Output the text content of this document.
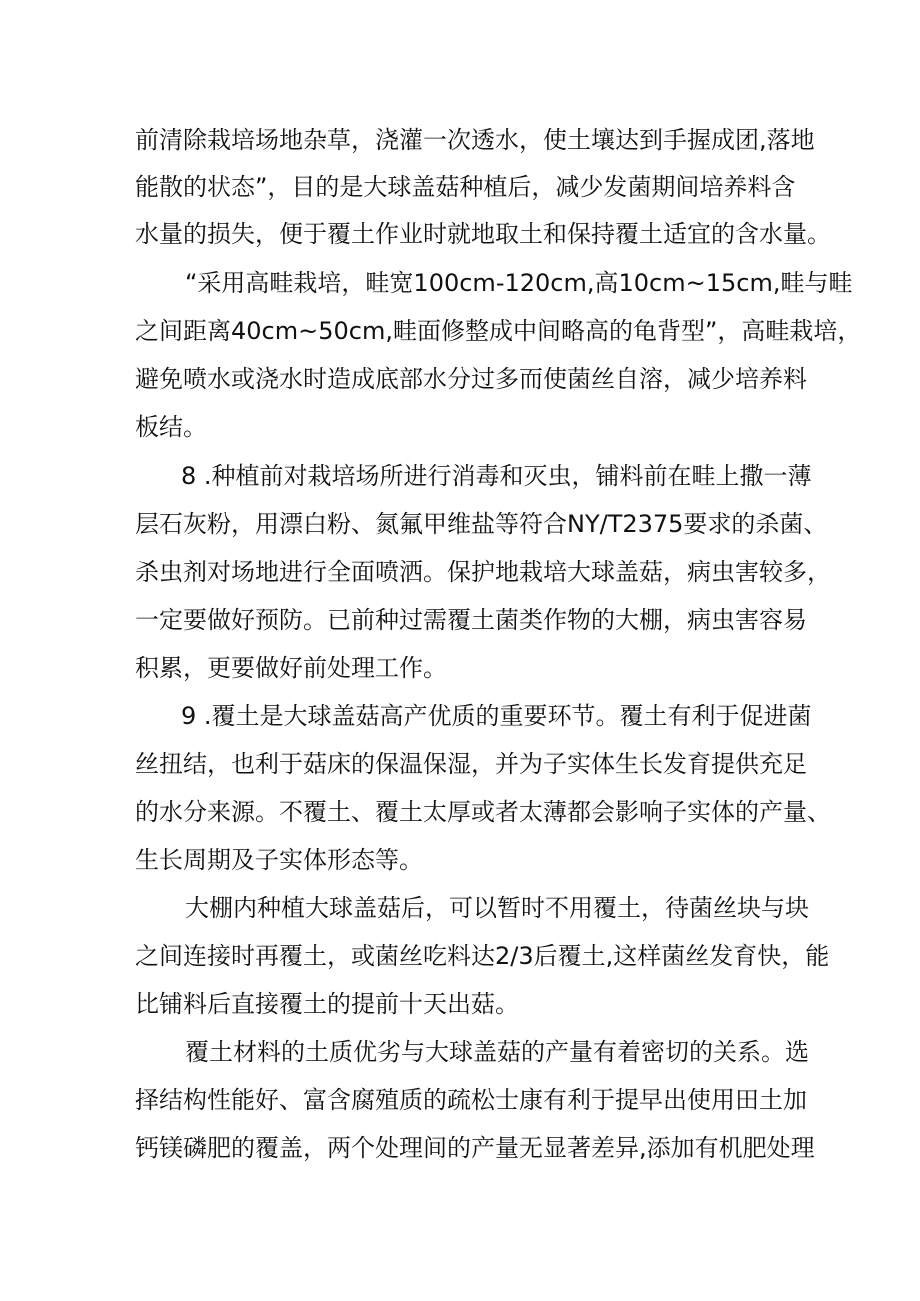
前清除栽培场地杂草，浇灌一次透水，使土壤达到手握成团,落地
能散的状态”，目的是大球盖菇种植后，减少发菌期间培养料含
水量的损失，便于覆土作业时就地取土和保持覆土适宜的含水量。
“采用高畦栽培，畦宽100cm-120cm,高10cm~15cm,畦与畦
之间距离40cm~50cm,畦面修整成中间略高的龟背型”，高畦栽培，
避免喷水或浇水时造成底部水分过多而使菌丝自溶，减少培养料
板结。
8 .种植前对栽培场所进行消毒和灭虫，铺料前在畦上撒一薄
层石灰粉，用漂白粉、氮氟甲维盐等符合NY/T2375要求的杀菌、
杀虫剂对场地进行全面喷洒。保护地栽培大球盖菇，病虫害较多，
一定要做好预防。已前种过需覆土菌类作物的大棚，病虫害容易
积累，更要做好前处理工作。
9 .覆土是大球盖菇高产优质的重要环节。覆土有利于促进菌
丝扭结，也利于菇床的保温保湿，并为子实体生长发育提供充足
的水分来源。不覆土、覆土太厚或者太薄都会影响子实体的产量、
生长周期及子实体形态等。
大棚内种植大球盖菇后，可以暂时不用覆土，待菌丝块与块
之间连接时再覆土，或菌丝吃料达2/3后覆土,这样菌丝发育快，能
比铺料后直接覆土的提前十天出菇。
覆土材料的土质优劣与大球盖菇的产量有着密切的关系。选
择结构性能好、富含腐殖质的疏松士康有利于提早出使用田土加
钙镁磷肥的覆盖，两个处理间的产量无显著差异,添加有机肥处理
